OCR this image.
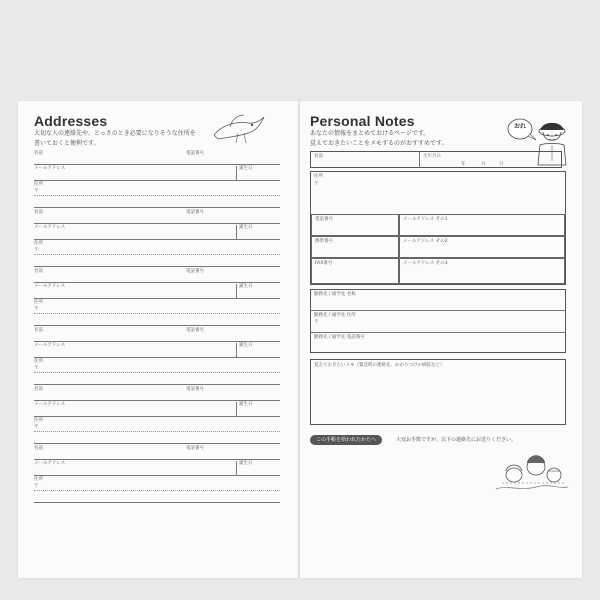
Addresses
大切な人の連絡先や、とっさのとき必要になりそうな住所を
書いておくと便利です。
名前	電話番号
メールアドレス	誕生日
住所
〒
名前	電話番号
メールアドレス	誕生日
住所
〒
名前	電話番号
メールアドレス	誕生日
住所
〒
名前	電話番号
メールアドレス	誕生日
住所
〒
名前	電話番号
メールアドレス	誕生日
住所
〒
名前	電話番号
メールアドレス	誕生日
住所
〒
Personal Notes
あなたの情報をまとめておけるページです。
覚えておきたいことをメモするのがおすすめです。
おれ
名前	生年月日
年	月	日
住所
〒
電話番号	メールアドレス その1
携帯番号	メールアドレス その2
FAX番号	メールアドレス その3
勤務先 / 通学先 名称
勤務先 / 通学先 住所
〒
勤務先 / 通学先 電話番号
覚えておきたいメモ（緊急時の連絡先、かかりつけの病院など）
この手帳を拾われたかたへ	大変お手数ですが、以下の連絡先にお送りください。
